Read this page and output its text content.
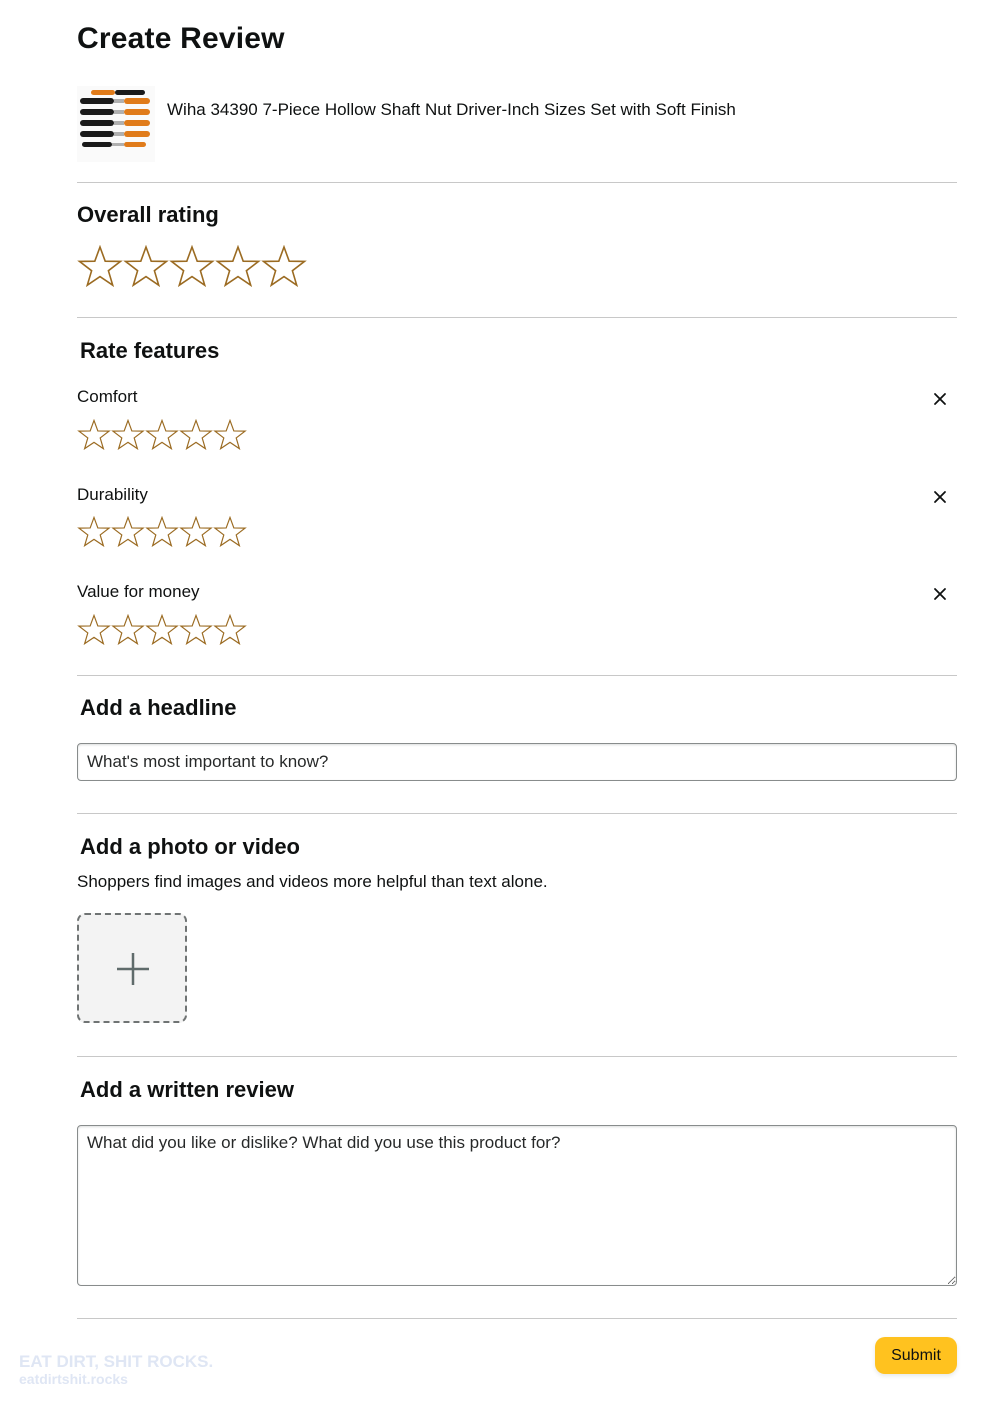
Create Review
Wiha 34390 7-Piece Hollow Shaft Nut Driver-Inch Sizes Set with Soft Finish
Overall rating
Rate features
Comfort
Durability
Value for money
Add a headline
What's most important to know?
Add a photo or video
Shoppers find images and videos more helpful than text alone.
Add a written review
What did you like or dislike? What did you use this product for?
Submit
EAT DIRT, SHIT ROCKS.
eatdirtshit.rocks
